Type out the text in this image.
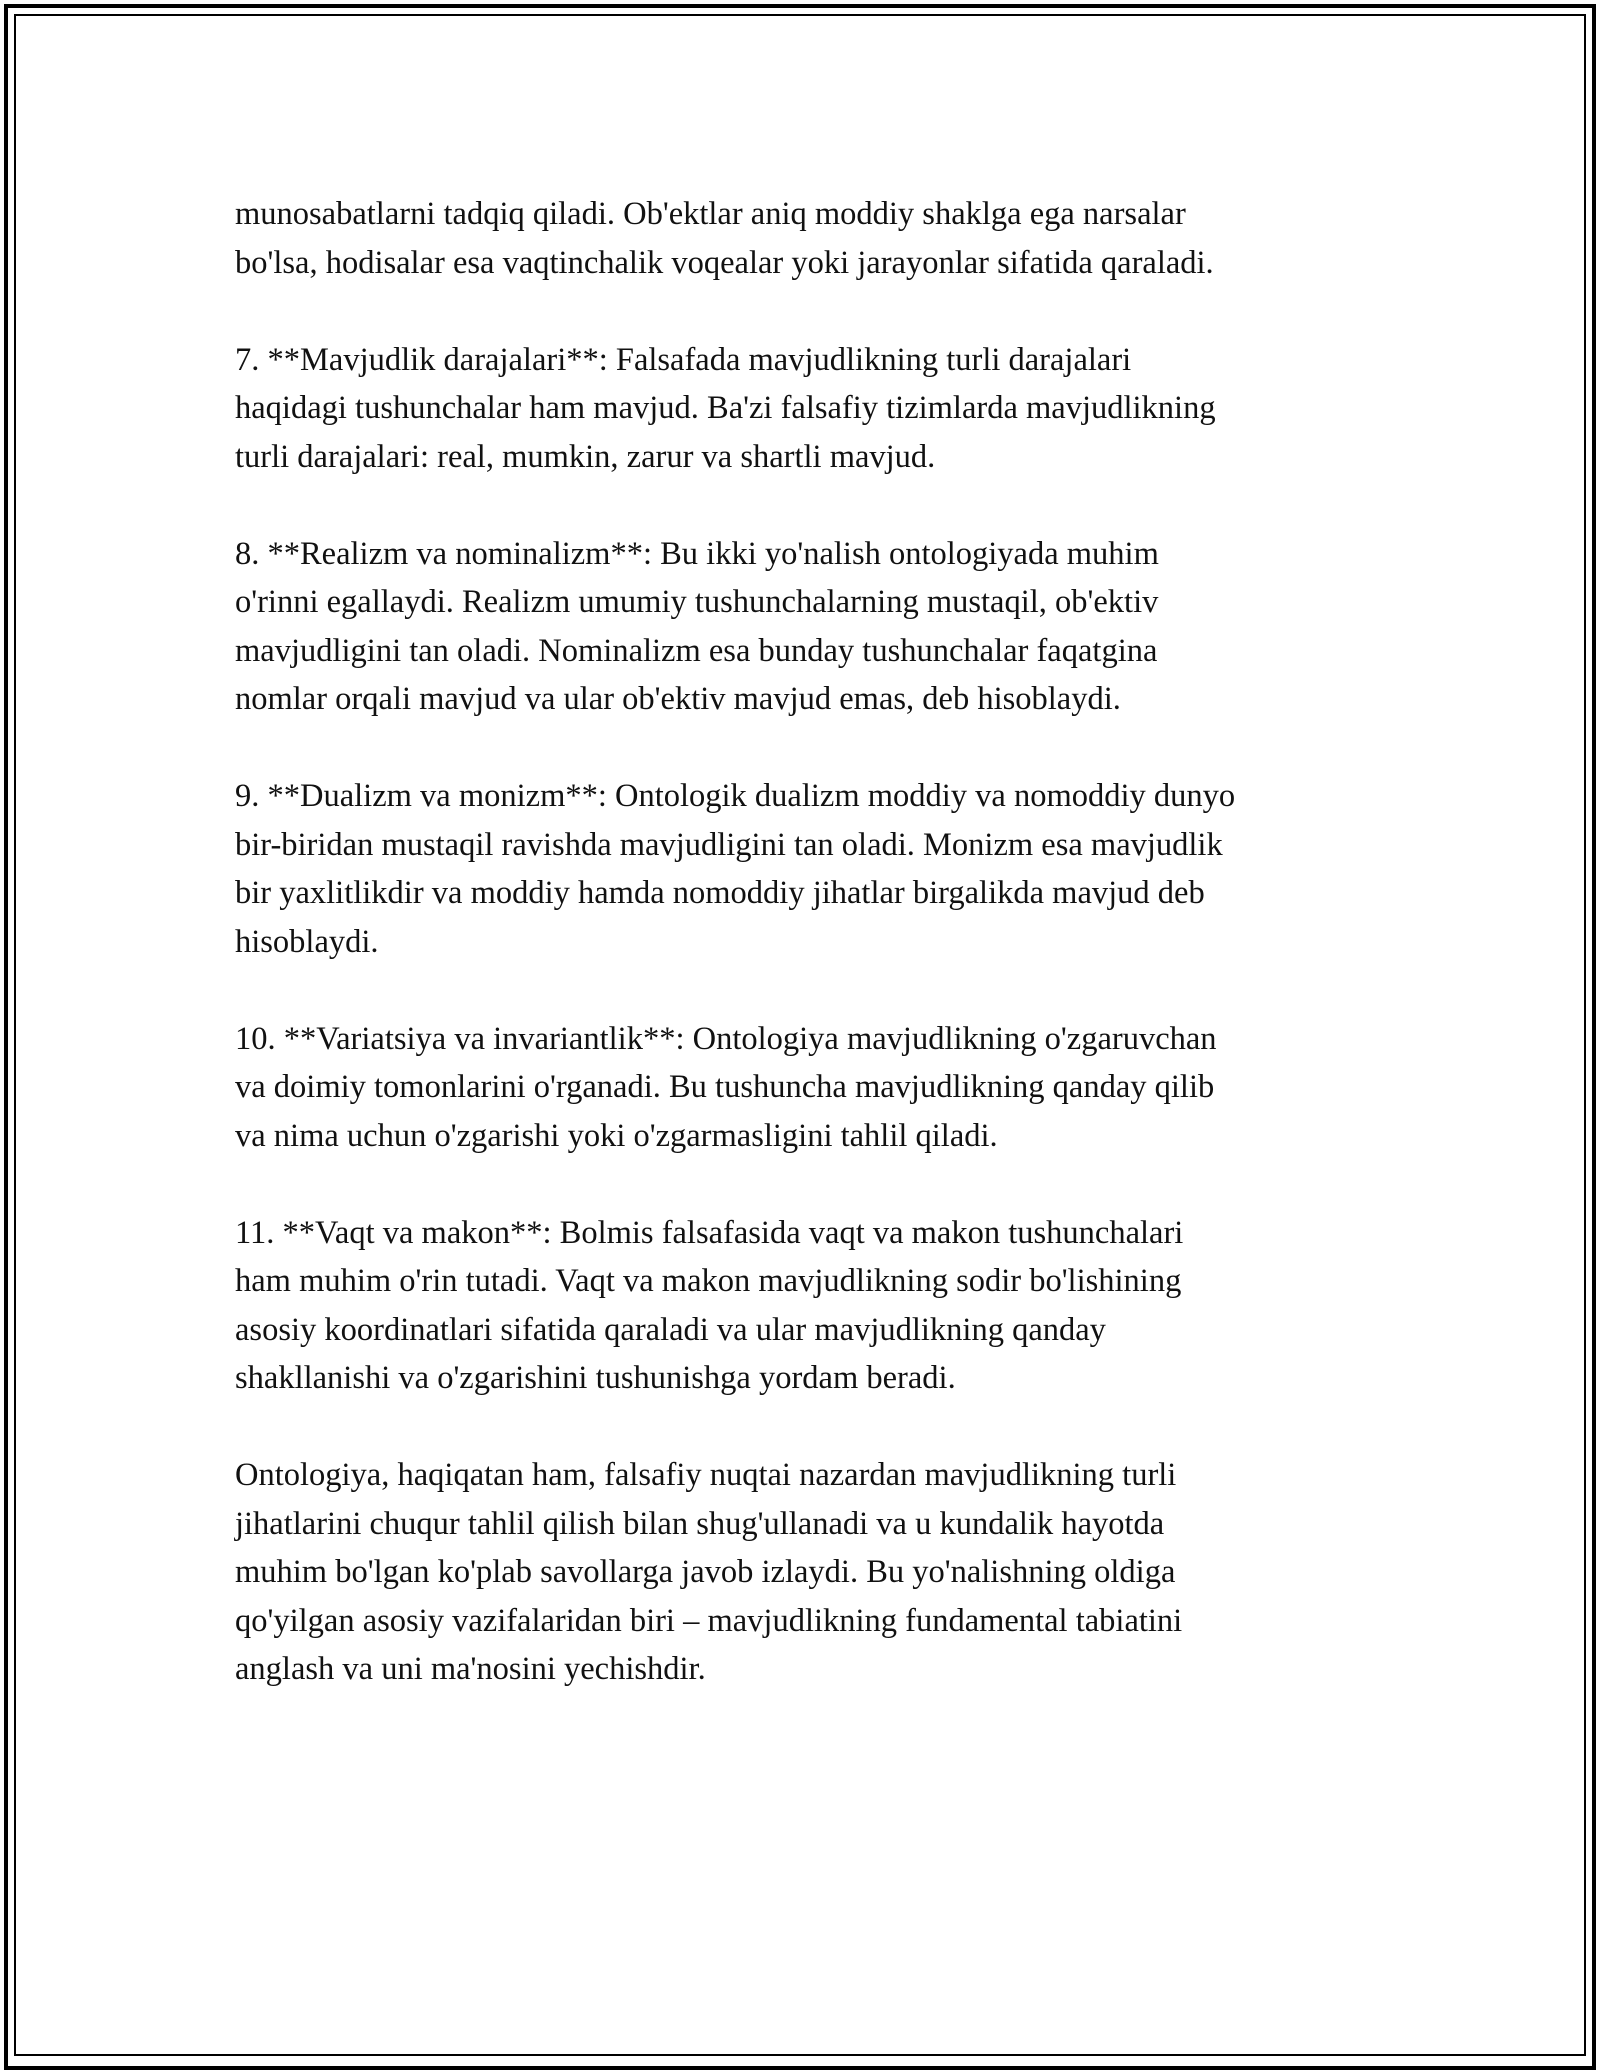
munosabatlarni tadqiq qiladi. Ob'ektlar aniq moddiy shaklga ega narsalar
bo'lsa, hodisalar esa vaqtinchalik voqealar yoki jarayonlar sifatida qaraladi.

7. **Mavjudlik darajalari**: Falsafada mavjudlikning turli darajalari
haqidagi tushunchalar ham mavjud. Ba'zi falsafiy tizimlarda mavjudlikning
turli darajalari: real, mumkin, zarur va shartli mavjud.

8. **Realizm va nominalizm**: Bu ikki yo'nalish ontologiyada muhim
o'rinni egallaydi. Realizm umumiy tushunchalarning mustaqil, ob'ektiv
mavjudligini tan oladi. Nominalizm esa bunday tushunchalar faqatgina
nomlar orqali mavjud va ular ob'ektiv mavjud emas, deb hisoblaydi.

9. **Dualizm va monizm**: Ontologik dualizm moddiy va nomoddiy dunyo
bir-biridan mustaqil ravishda mavjudligini tan oladi. Monizm esa mavjudlik
bir yaxlitlikdir va moddiy hamda nomoddiy jihatlar birgalikda mavjud deb
hisoblaydi.

10. **Variatsiya va invariantlik**: Ontologiya mavjudlikning o'zgaruvchan
va doimiy tomonlarini o'rganadi. Bu tushuncha mavjudlikning qanday qilib
va nima uchun o'zgarishi yoki o'zgarmasligini tahlil qiladi.

11. **Vaqt va makon**: Bolmis falsafasida vaqt va makon tushunchalari
ham muhim o'rin tutadi. Vaqt va makon mavjudlikning sodir bo'lishining
asosiy koordinatlari sifatida qaraladi va ular mavjudlikning qanday
shakllanishi va o'zgarishini tushunishga yordam beradi.

Ontologiya, haqiqatan ham, falsafiy nuqtai nazardan mavjudlikning turli
jihatlarini chuqur tahlil qilish bilan shug'ullanadi va u kundalik hayotda
muhim bo'lgan ko'plab savollarga javob izlaydi. Bu yo'nalishning oldiga
qo'yilgan asosiy vazifalaridan biri – mavjudlikning fundamental tabiatini
anglash va uni ma'nosini yechishdir.
